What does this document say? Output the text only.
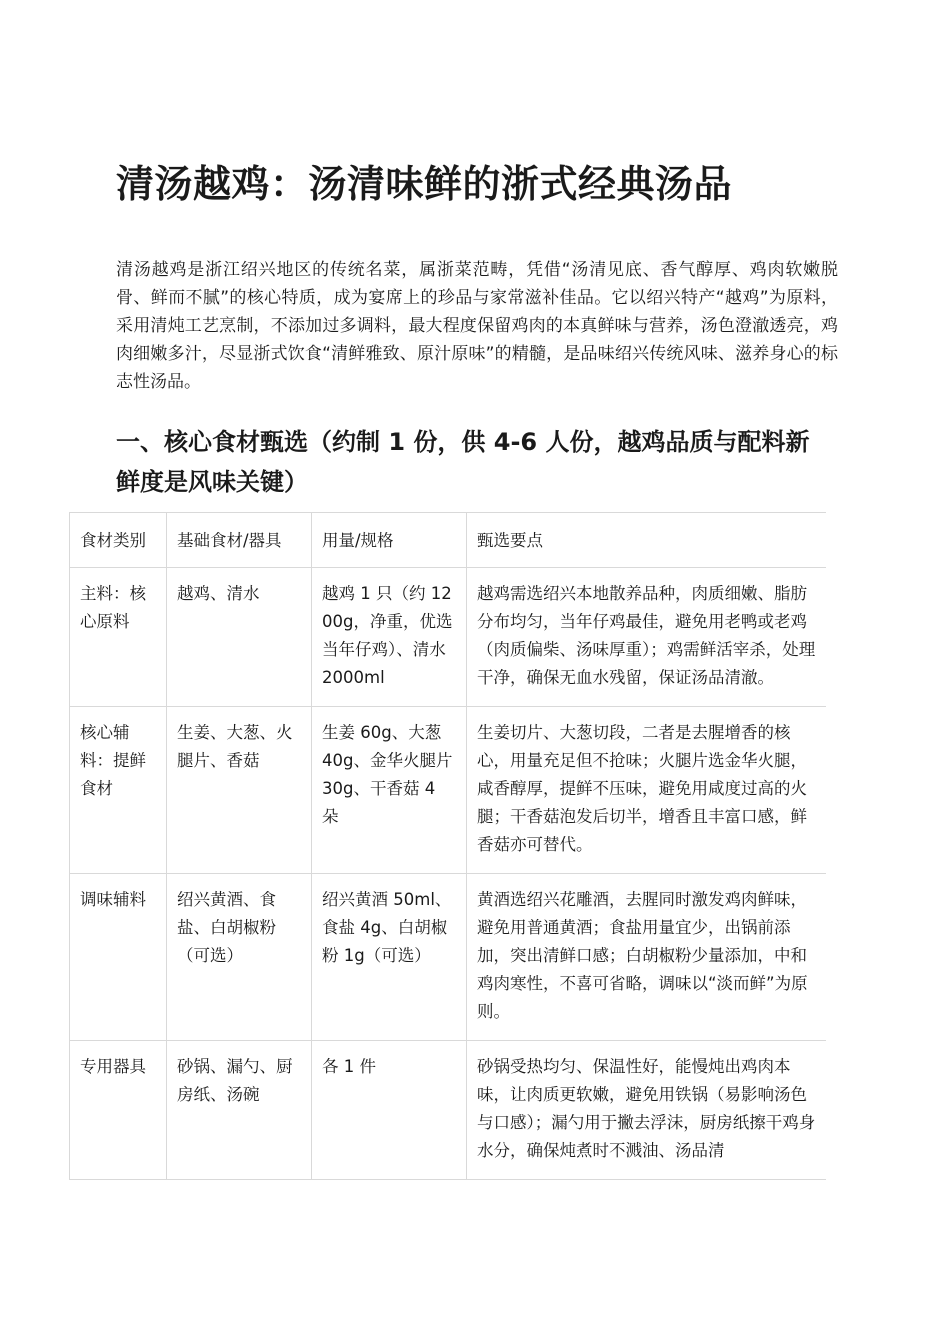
清汤越鸡：汤清味鲜的浙式经典汤品

清汤越鸡是浙江绍兴地区的传统名菜，属浙菜范畴，凭借“汤清见底、香气醇厚、鸡肉软嫩脱骨、鲜而不腻”的核心特质，成为宴席上的珍品与家常滋补佳品。它以绍兴特产“越鸡”为原料，采用清炖工艺烹制，不添加过多调料，最大程度保留鸡肉的本真鲜味与营养，汤色澄澈透亮，鸡肉细嫩多汁，尽显浙式饮食“清鲜雅致、原汁原味”的精髓，是品味绍兴传统风味、滋养身心的标志性汤品。

一、核心食材甄选（约制 1 份，供 4-6 人份，越鸡品质与配料新鲜度是风味关键）
食材类别	基础食材/器具	用量/规格	甄选要点
主料：核心原料	越鸡、清水	越鸡 1 只（约 1200g，净重，优选当年仔鸡）、清水 2000ml	越鸡需选绍兴本地散养品种，肉质细嫩、脂肪分布均匀，当年仔鸡最佳，避免用老鸭或老鸡（肉质偏柴、汤味厚重）；鸡需鲜活宰杀，处理干净，确保无血水残留，保证汤品清澈。
核心辅料：提鲜食材	生姜、大葱、火腿片、香菇	生姜 60g、大葱 40g、金华火腿片 30g、干香菇 4 朵	生姜切片、大葱切段，二者是去腥增香的核心，用量充足但不抢味；火腿片选金华火腿，咸香醇厚，提鲜不压味，避免用咸度过高的火腿；干香菇泡发后切半，增香且丰富口感，鲜香菇亦可替代。
调味辅料	绍兴黄酒、食盐、白胡椒粉（可选）	绍兴黄酒 50ml、食盐 4g、白胡椒粉 1g（可选）	黄酒选绍兴花雕酒，去腥同时激发鸡肉鲜味，避免用普通黄酒；食盐用量宜少，出锅前添加，突出清鲜口感；白胡椒粉少量添加，中和鸡肉寒性，不喜可省略，调味以“淡而鲜”为原则。
专用器具	砂锅、漏勺、厨房纸、汤碗	各 1 件	砂锅受热均匀、保温性好，能慢炖出鸡肉本味，让肉质更软嫩，避免用铁锅（易影响汤色与口感）；漏勺用于撇去浮沫，厨房纸擦干鸡身水分，确保炖煮时不溅油、汤品清
